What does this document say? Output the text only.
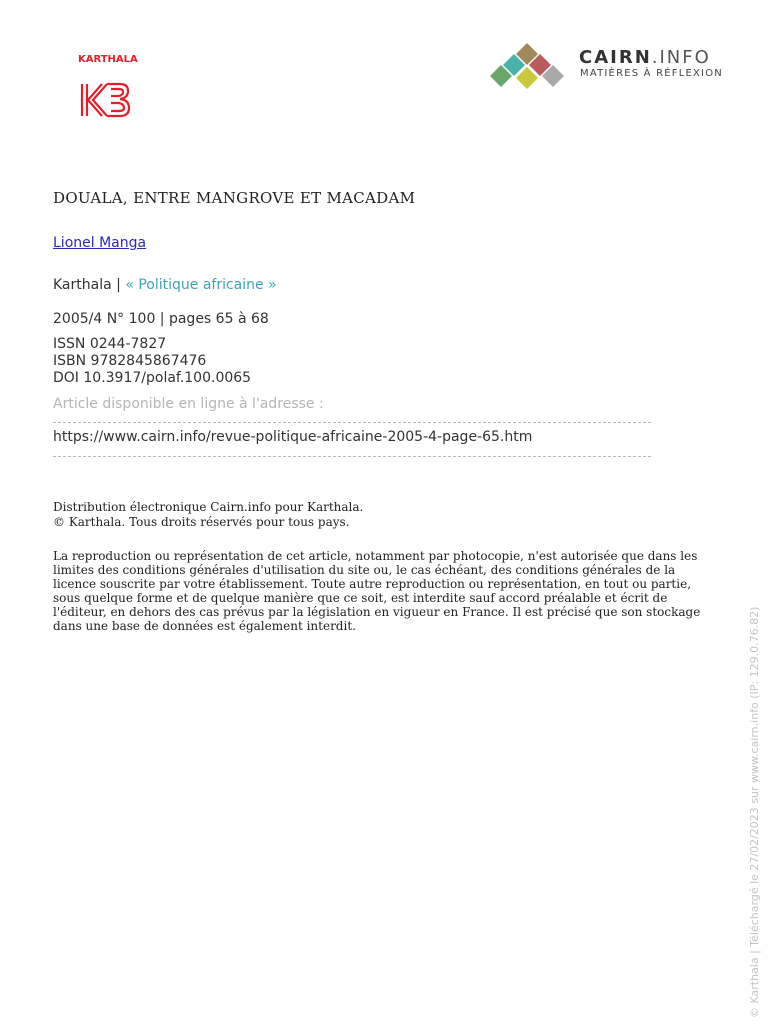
KARTHALA	CAIRN.INFO
MATIÈRES À RÉFLEXION
DOUALA, ENTRE MANGROVE ET MACADAM
Lionel Manga
Karthala | « Politique africaine »
2005/4 N° 100 | pages 65 à 68
ISSN 0244-7827
ISBN 9782845867476
DOI 10.3917/polaf.100.0065
Article disponible en ligne à l'adresse :
https://www.cairn.info/revue-politique-africaine-2005-4-page-65.htm
Distribution électronique Cairn.info pour Karthala.
© Karthala. Tous droits réservés pour tous pays.
La reproduction ou représentation de cet article, notamment par photocopie, n'est autorisée que dans les limites des conditions générales d'utilisation du site ou, le cas échéant, des conditions générales de la licence souscrite par votre établissement. Toute autre reproduction ou représentation, en tout ou partie, sous quelque forme et de quelque manière que ce soit, est interdite sauf accord préalable et écrit de l'éditeur, en dehors des cas prévus par la législation en vigueur en France. Il est précisé que son stockage dans une base de données est également interdit.	© Karthala | Téléchargé le 27/02/2023 sur www.cairn.info (IP: 129.0.76.82)
